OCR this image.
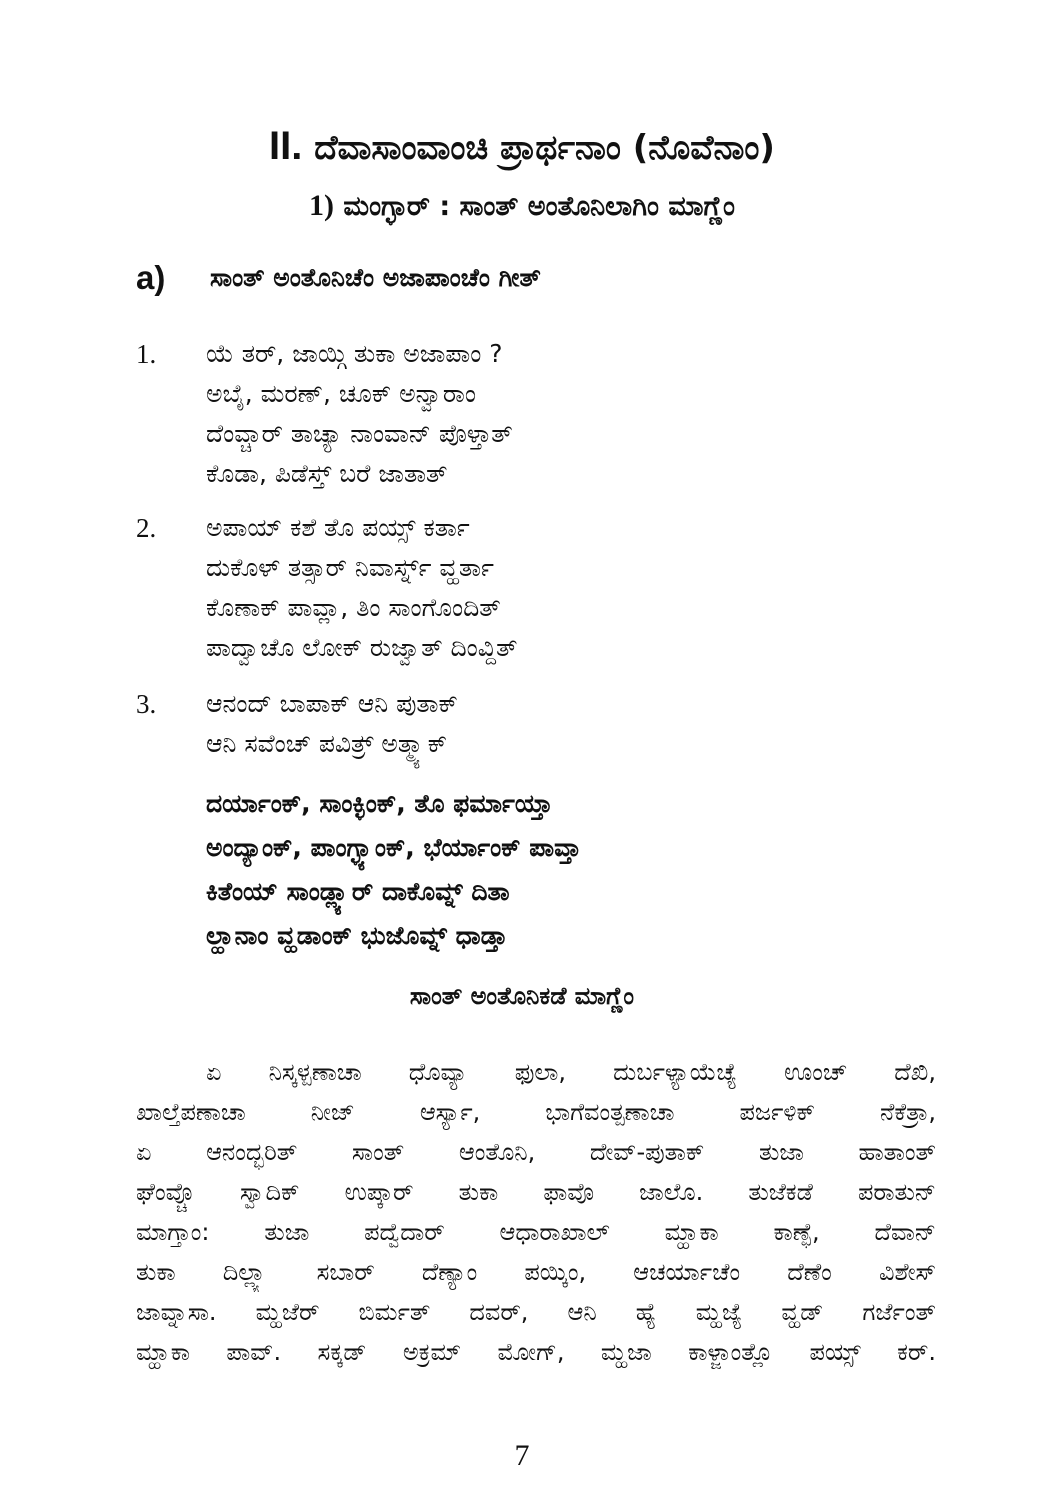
II. ದೆವಾಸಾಂವಾಂಚಿ ಪ್ರಾರ್ಥನಾಂ (ನೊವೆನಾಂ)
1) ಮಂಗ್ಳಾರ್ : ಸಾಂತ್ ಅಂತೊನಿಲಾಗಿಂ ಮಾಗ್ಣೆಂ
a) ಸಾಂತ್ ಅಂತೊನಿಚೆಂ ಅಜಾಪಾಂಚೆಂ ಗೀತ್
1. ಯೆ ತರ್, ಜಾಯ್ಗಿ ತುಕಾ ಅಜಾಪಾಂ ?
ಅಬೈ, ಮರಣ್, ಚೂಕ್ ಅನ್ವಾರಾಂ
ದೆಂವ್ಚಾರ್ ತಾಚ್ಯಾ ನಾಂವಾನ್ ಪೊಳ್ತಾತ್
ಕೊಡಾ, ಪಿಡೆಸ್ತ್ ಬರೆ ಜಾತಾತ್
2. ಅಪಾಯ್ ಕಶೆ ತೊ ಪಯ್ಸ್ ಕರ್ತಾ
ದುಕೊಳ್ ತತ್ಸಾರ್ ನಿವಾರ್ಸ್ನ್ ವ್ಹರ್ತಾ
ಕೊಣಾಕ್ ಪಾವ್ಲಾ, ತಿಂ ಸಾಂಗೊಂದಿತ್
ಪಾದ್ವಾಚೊ ಲೋಕ್ ರುಜ್ವಾತ್ ದಿಂವ್ದಿತ್
3. ಆನಂದ್ ಬಾಪಾಕ್ ಆನಿ ಪುತಾಕ್
ಆನಿ ಸವೆಂಚ್ ಪವಿತ್ರ್ ಅತ್ಮ್ಯಾಕ್
ದರ್ಯಾಂಕ್, ಸಾಂಕ್ಳಿಂಕ್, ತೊ ಫರ್ಮಾಯ್ತಾ
ಅಂದ್ಯಾಂಕ್, ಪಾಂಗ್ಳ್ಯಾಂಕ್, ಭೆರ್ಯಾಂಕ್ ಪಾವ್ತಾ
ಕಿತೆಂಯ್ ಸಾಂಡ್ಲ್ಯಾರ್ ದಾಕೊವ್ನ್ ದಿತಾ
ಲ್ಹಾನಾಂ ವ್ಹಡಾಂಕ್ ಭುಜೊವ್ನ್ ಧಾಡ್ತಾ
ಸಾಂತ್ ಅಂತೊನಿಕಡೆ ಮಾಗ್ಣೆಂ
ಏ ನಿಸ್ಕಳ್ಪಣಾಚಾ ಧೊವ್ಯಾ ಫುಲಾ, ದುರ್ಬಳ್ಯಾಯೆಚ್ಯೆ ಊಂಚ್ ದೆಖಿ,
ಖಾಲ್ತೆಪಣಾಚಾ ನೀಜ್ ಆರ್ಸ್ಯಾ, ಭಾಗೆವಂತ್ಪಣಾಚಾ ಪರ್ಜಳಿಕ್ ನೆಕೆತ್ರಾ,
ಏ ಆನಂದ್ಭರಿತ್ ಸಾಂತ್ ಆಂತೊನಿ, ದೇವ್-ಪುತಾಕ್ ತುಜಾ ಹಾತಾಂತ್
ಘೆಂವ್ಚೊ ಸ್ವಾದಿಕ್ ಉಪ್ಕಾರ್ ತುಕಾ ಫಾವೊ ಜಾಲೊ. ತುಜೆಕಡೆ ಪರಾತುನ್
ಮಾಗ್ತಾಂ: ತುಜಾ ಪದ್ವೆದಾರ್ ಆಧಾರಾಖಾಲ್ ಮ್ಹಾಕಾ ಕಾಣ್ಫೆ, ದೆವಾನ್
ತುಕಾ ದಿಲ್ಲ್ಯಾ ಸಬಾರ್ ದೆಣ್ಯಾಂ ಪಯ್ಕಿಂ, ಆಚರ್ಯಾಚೆಂ ದೆಣೆಂ ವಿಶೇಸ್
ಜಾವ್ನಾಸಾ. ಮ್ಹಜೆರ್ ಬಿರ್ಮತ್ ದವರ್, ಆನಿ ಹ್ಯೆ ಮ್ಹಜ್ಯೆ ವ್ಹಡ್ ಗರ್ಜೆಂತ್
ಮ್ಹಾಕಾ ಪಾವ್. ಸಕ್ಕಡ್ ಅಕ್ರಮ್ ಮೋಗ್, ಮ್ಹಜಾ ಕಾಳ್ಜಾಂತ್ಲೊ ಪಯ್ಸ್ ಕರ್.
7
